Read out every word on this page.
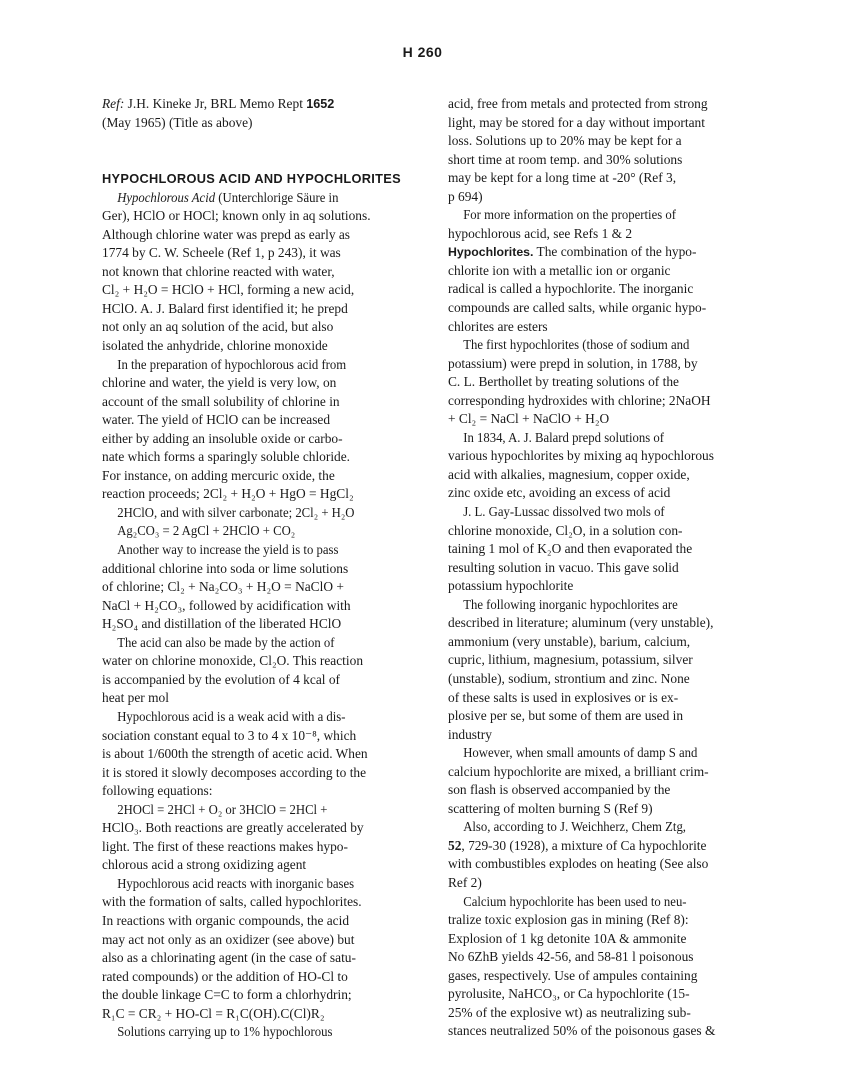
H 260
Ref: J.H. Kineke Jr, BRL Memo Rept 1652
(May 1965) (Title as above)
HYPOCHLOROUS ACID AND HYPOCHLORITES
Hypochlorous Acid (Unterchlorige Säure in
Ger), HClO or HOCl; known only in aq solutions.
Although chlorine water was prepd as early as
1774 by C. W. Scheele (Ref 1, p 243), it was
not known that chlorine reacted with water,
Cl₂ + H₂O = HClO + HCl, forming a new acid,
HClO. A. J. Balard first identified it; he prepd
not only an aq solution of the acid, but also
isolated the anhydride, chlorine monoxide
In the preparation of hypochlorous acid from
chlorine and water, the yield is very low, on
account of the small solubility of chlorine in
water. The yield of HClO can be increased
either by adding an insoluble oxide or carbo-
nate which forms a sparingly soluble chloride.
For instance, on adding mercuric oxide, the
reaction proceeds; 2Cl₂ + H₂O + HgO = HgCl₂
2HClO, and with silver carbonate; 2Cl₂ + H₂O
Ag₂CO₃ = 2 AgCl + 2HClO + CO₂
Another way to increase the yield is to pass
additional chlorine into soda or lime solutions
of chlorine; Cl₂ + Na₂CO₃ + H₂O = NaClO +
NaCl + H₂CO₃, followed by acidification with
H₂SO₄ and distillation of the liberated HClO
The acid can also be made by the action of
water on chlorine monoxide, Cl₂O. This reaction
is accompanied by the evolution of 4 kcal of
heat per mol
Hypochlorous acid is a weak acid with a dis-
sociation constant equal to 3 to 4 x 10⁻⁸, which
is about 1/600th the strength of acetic acid. When
it is stored it slowly decomposes according to the
following equations:
2HOCl = 2HCl + O₂ or 3HClO = 2HCl +
HClO₃. Both reactions are greatly accelerated by
light. The first of these reactions makes hypo-
chlorous acid a strong oxidizing agent
Hypochlorous acid reacts with inorganic bases
with the formation of salts, called hypochlorites.
In reactions with organic compounds, the acid
may act not only as an oxidizer (see above) but
also as a chlorinating agent (in the case of satu-
rated compounds) or the addition of HO-Cl to
the double linkage C=C to form a chlorhydrin;
R₁C = CR₂ + HO-Cl = R₁C(OH).C(Cl)R₂
Solutions carrying up to 1% hypochlorous
acid, free from metals and protected from strong
light, may be stored for a day without important
loss. Solutions up to 20% may be kept for a
short time at room temp. and 30% solutions
may be kept for a long time at -20° (Ref 3,
p 694)
For more information on the properties of
hypochlorous acid, see Refs 1 & 2
Hypochlorites. The combination of the hypo-
chlorite ion with a metallic ion or organic
radical is called a hypochlorite. The inorganic
compounds are called salts, while organic hypo-
chlorites are esters
The first hypochlorites (those of sodium and
potassium) were prepd in solution, in 1788, by
C. L. Berthollet by treating solutions of the
corresponding hydroxides with chlorine; 2NaOH
+ Cl₂ = NaCl + NaClO + H₂O
In 1834, A. J. Balard prepd solutions of
various hypochlorites by mixing aq hypochlorous
acid with alkalies, magnesium, copper oxide,
zinc oxide etc, avoiding an excess of acid
J. L. Gay-Lussac dissolved two mols of
chlorine monoxide, Cl₂O, in a solution con-
taining 1 mol of K₂O and then evaporated the
resulting solution in vacuo. This gave solid
potassium hypochlorite
The following inorganic hypochlorites are
described in literature; aluminum (very unstable),
ammonium (very unstable), barium, calcium,
cupric, lithium, magnesium, potassium, silver
(unstable), sodium, strontium and zinc. None
of these salts is used in explosives or is ex-
plosive per se, but some of them are used in
industry
However, when small amounts of damp S and
calcium hypochlorite are mixed, a brilliant crim-
son flash is observed accompanied by the
scattering of molten burning S (Ref 9)
Also, according to J. Weichherz, Chem Ztg,
52, 729-30 (1928), a mixture of Ca hypochlorite
with combustibles explodes on heating (See also
Ref 2)
Calcium hypochlorite has been used to neu-
tralize toxic explosion gas in mining (Ref 8):
Explosion of 1 kg detonite 10A & ammonite
No 6ZhB yields 42-56, and 58-81 l poisonous
gases, respectively. Use of ampules containing
pyrolusite, NaHCO₃, or Ca hypochlorite (15-
25% of the explosive wt) as neutralizing sub-
stances neutralized 50% of the poisonous gases &
